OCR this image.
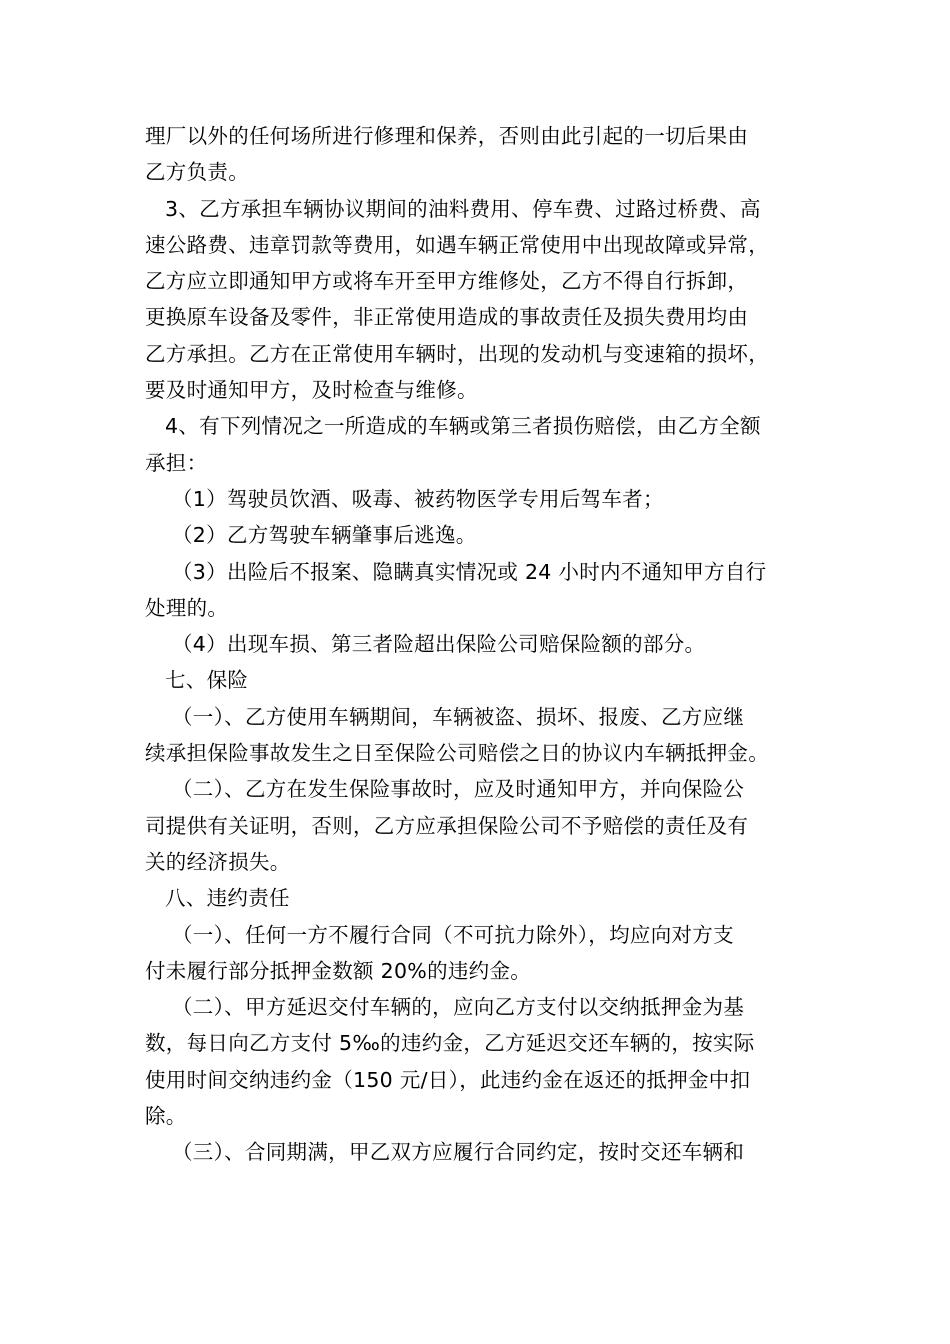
理厂以外的任何场所进行修理和保养，否则由此引起的一切后果由
乙方负责。
3、乙方承担车辆协议期间的油料费用、停车费、过路过桥费、高
速公路费、违章罚款等费用，如遇车辆正常使用中出现故障或异常，
乙方应立即通知甲方或将车开至甲方维修处，乙方不得自行拆卸，
更换原车设备及零件，非正常使用造成的事故责任及损失费用均由
乙方承担。乙方在正常使用车辆时，出现的发动机与变速箱的损坏，
要及时通知甲方，及时检查与维修。
4、有下列情况之一所造成的车辆或第三者损伤赔偿，由乙方全额
承担：
（1）驾驶员饮酒、吸毒、被药物医学专用后驾车者；
（2）乙方驾驶车辆肇事后逃逸。
（3）出险后不报案、隐瞒真实情况或 24 小时内不通知甲方自行
处理的。
（4）出现车损、第三者险超出保险公司赔保险额的部分。
七、保险
（一）、乙方使用车辆期间，车辆被盗、损坏、报废、乙方应继
续承担保险事故发生之日至保险公司赔偿之日的协议内车辆抵押金。
（二）、乙方在发生保险事故时，应及时通知甲方，并向保险公
司提供有关证明，否则，乙方应承担保险公司不予赔偿的责任及有
关的经济损失。
八、违约责任
（一）、任何一方不履行合同（不可抗力除外），均应向对方支
付未履行部分抵押金数额 20%的违约金。
（二）、甲方延迟交付车辆的，应向乙方支付以交纳抵押金为基
数，每日向乙方支付 5‰的违约金，乙方延迟交还车辆的，按实际
使用时间交纳违约金（150 元/日），此违约金在返还的抵押金中扣
除。
（三）、合同期满，甲乙双方应履行合同约定，按时交还车辆和
